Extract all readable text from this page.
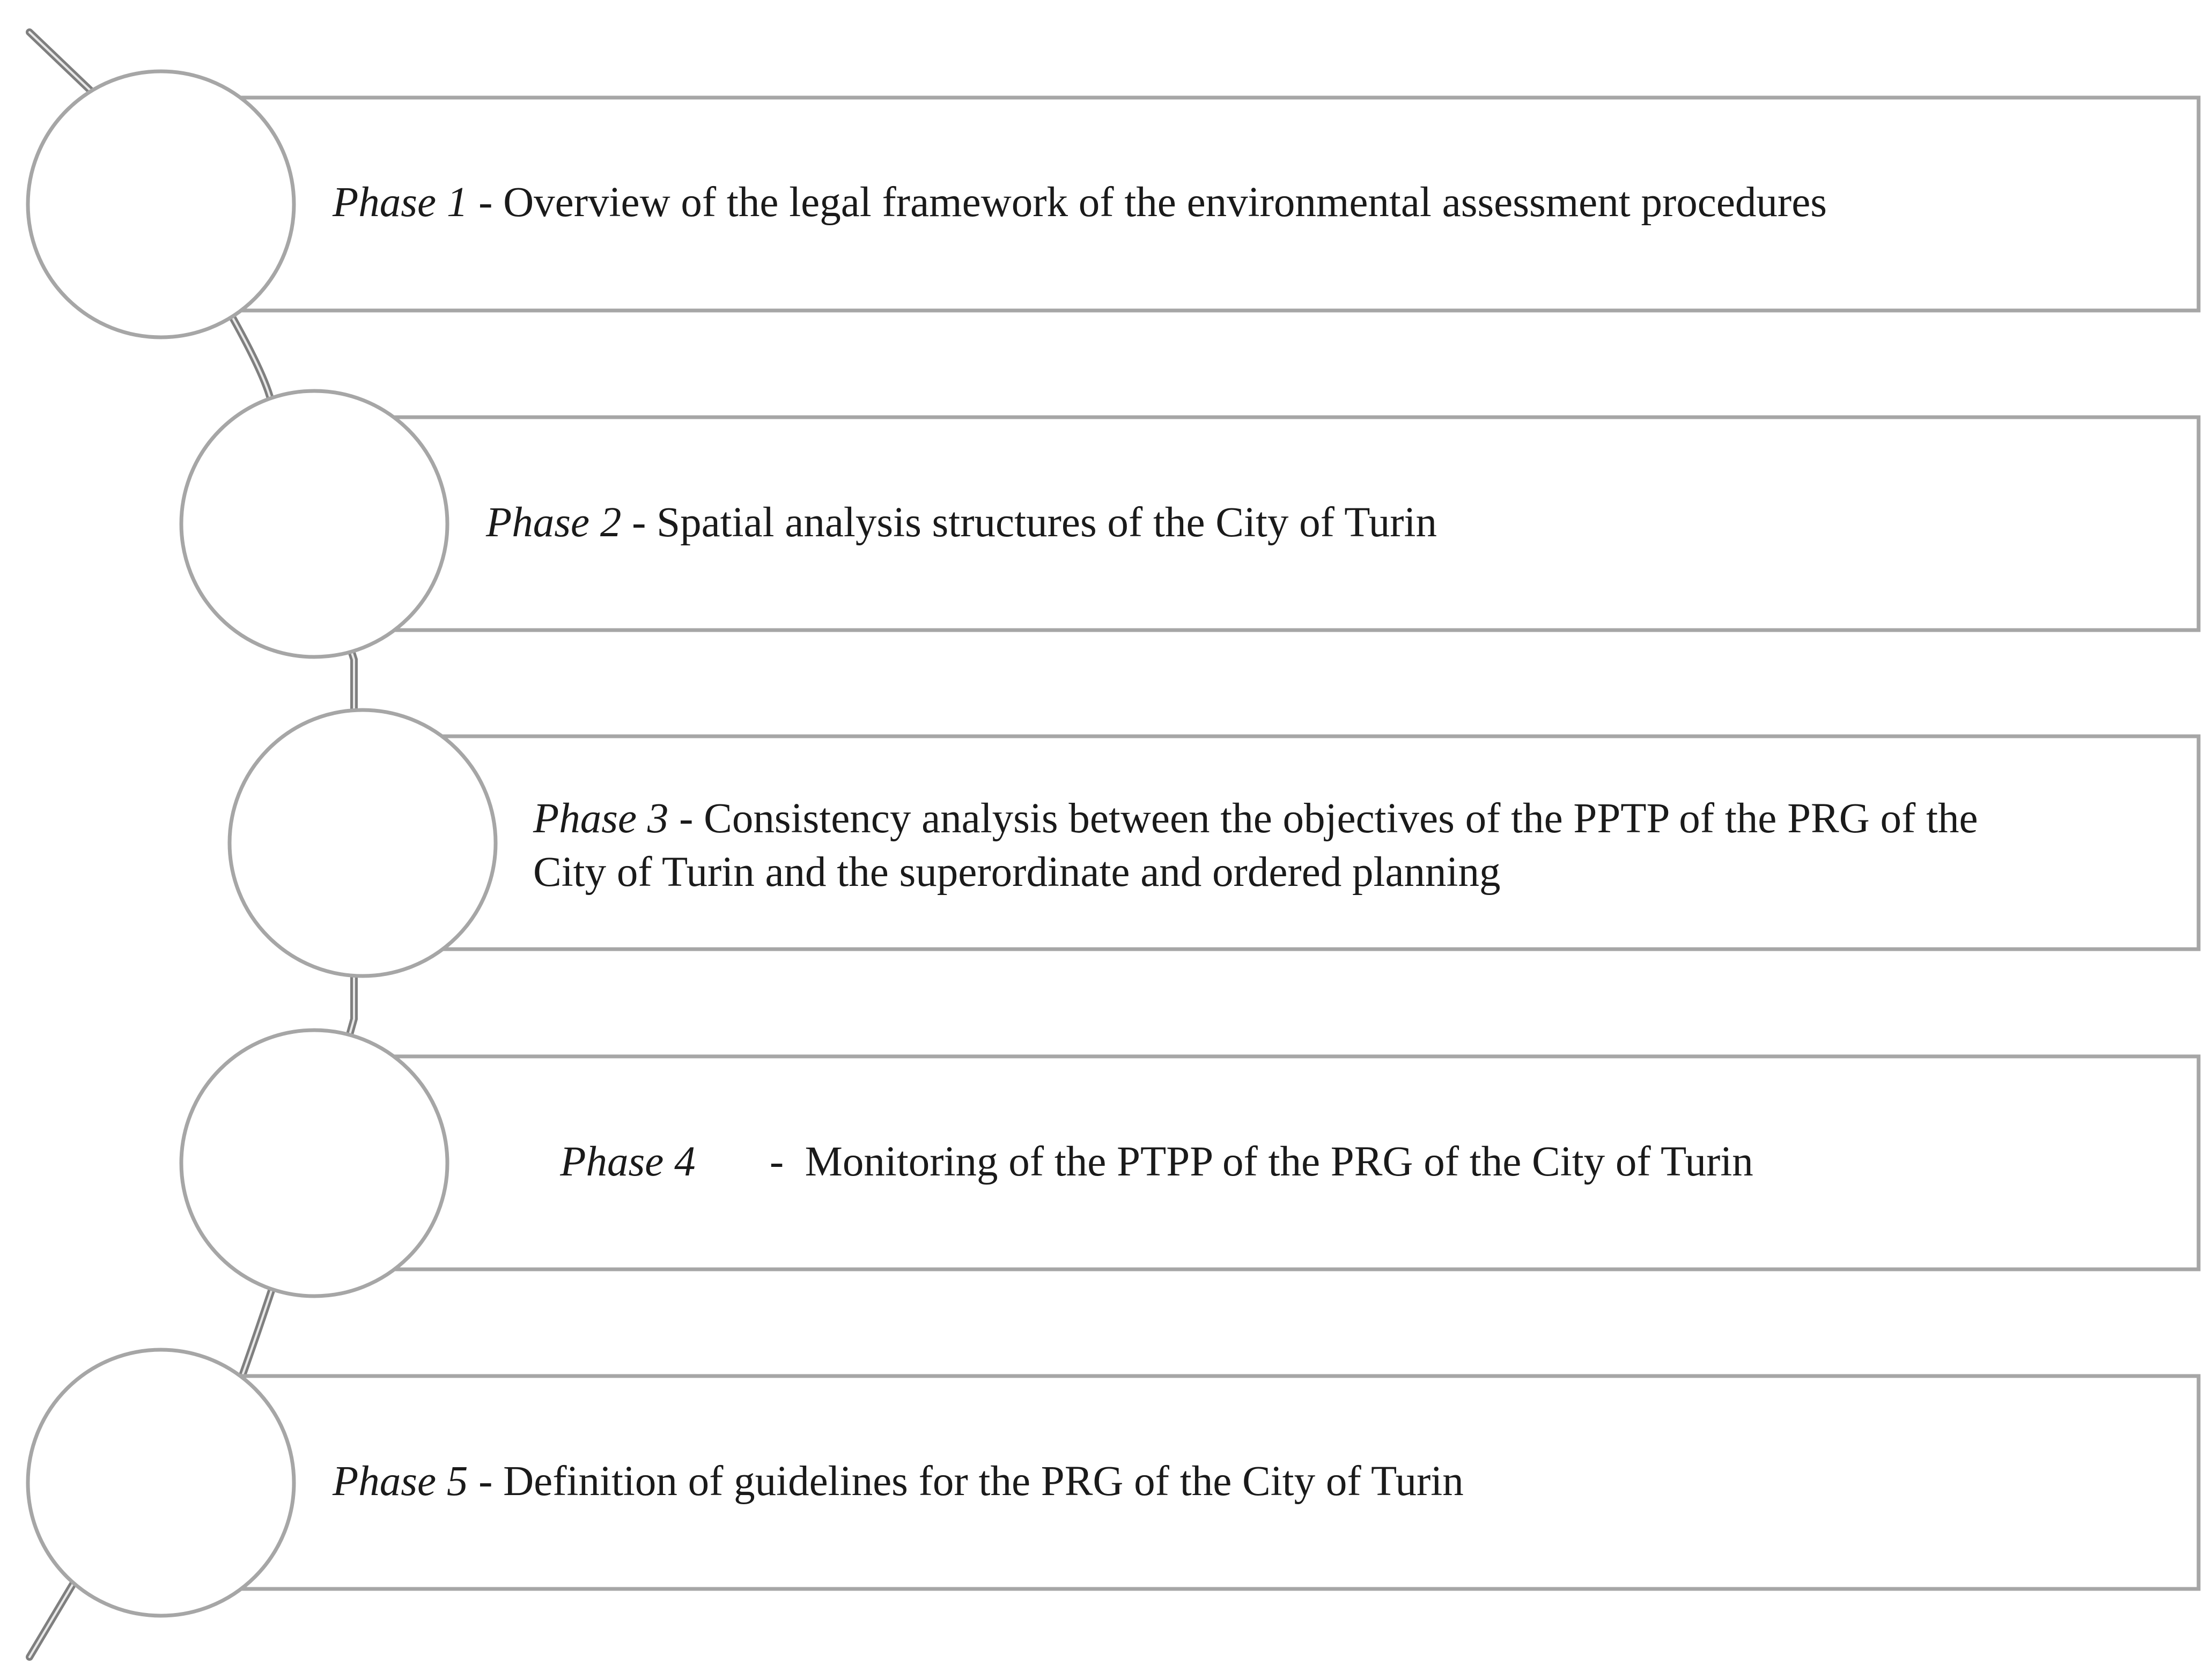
Phase 1 - Overview of the legal framework of the environmental assessment procedures
Phase 2 - Spatial analysis structures of the City of Turin
Phase 3 - Consistency analysis between the objectives of the PPTP of the PRG of the City of Turin and the superordinate and ordered planning
Phase 4 -  Monitoring of the PTPP of the PRG of the City of Turin
Phase 5 - Definition of guidelines for the PRG of the City of Turin
